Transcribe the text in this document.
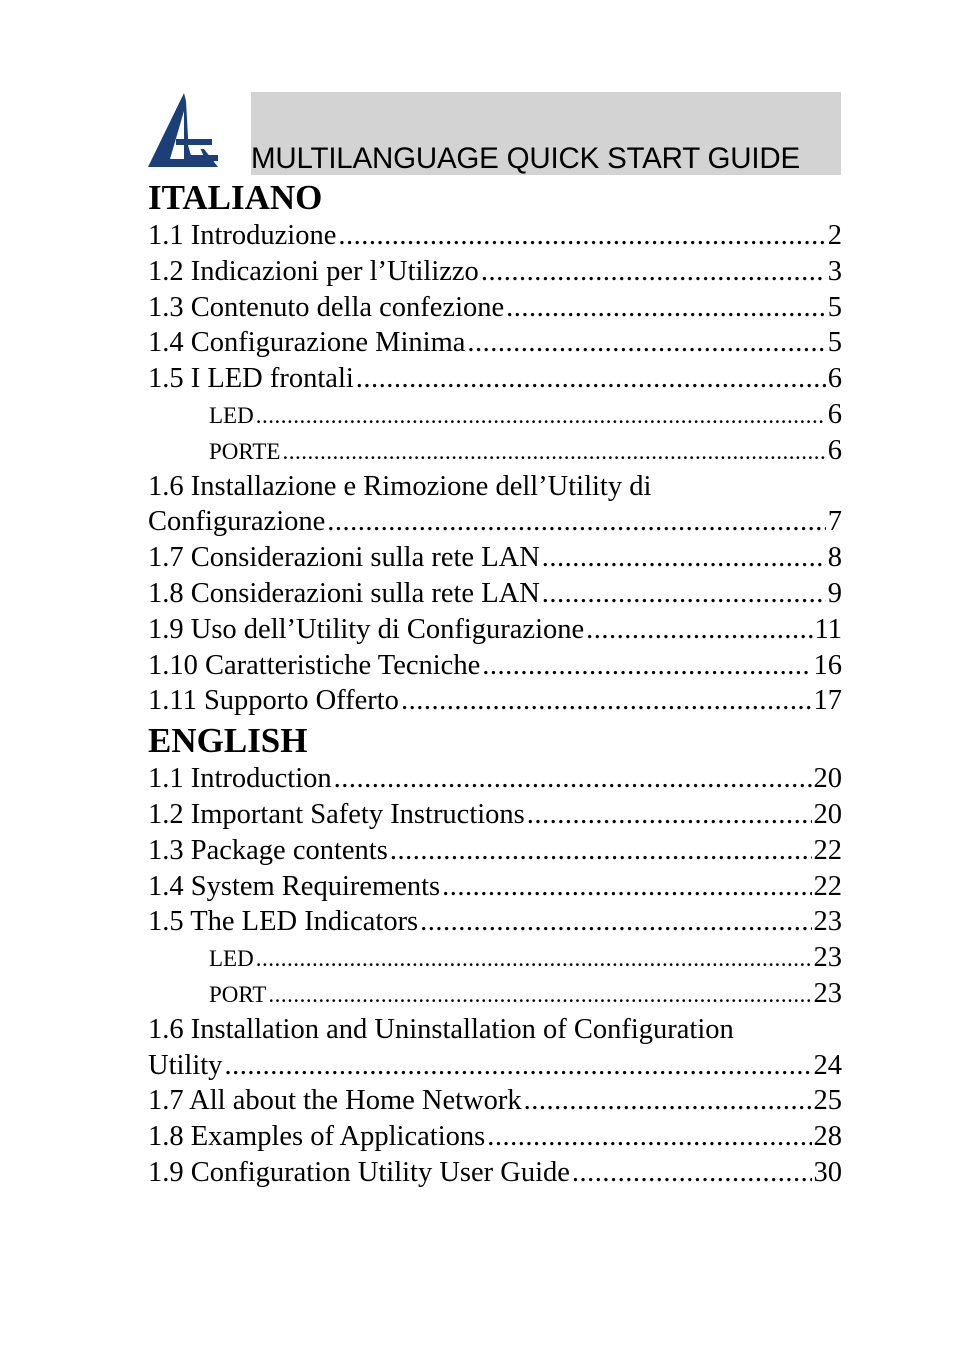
MULTILANGUAGE QUICK START GUIDE
ITALIANO
1.1 Introduzione .....	2
1.2 Indicazioni per l’Utilizzo .....	3
1.3 Contenuto della confezione .....	5
1.4 Configurazione Minima .....	5
1.5 I LED frontali .....	6
LED .....	6
PORTE .....	6
1.6 Installazione e Rimozione dell’Utility di
Configurazione .....	7
1.7 Considerazioni sulla rete LAN .....	8
1.8 Considerazioni sulla rete LAN .....	9
1.9 Uso dell’Utility di Configurazione .....	11
1.10 Caratteristiche Tecniche .....	16
1.11 Supporto Offerto .....	17
ENGLISH
1.1 Introduction .....	20
1.2 Important Safety Instructions .....	20
1.3 Package contents .....	22
1.4 System Requirements .....	22
1.5 The LED Indicators .....	23
LED .....	23
PORT .....	23
1.6 Installation and Uninstallation of Configuration
Utility .....	24
1.7 All about the Home Network .....	25
1.8 Examples of Applications .....	28
1.9 Configuration Utility User Guide .....	30
